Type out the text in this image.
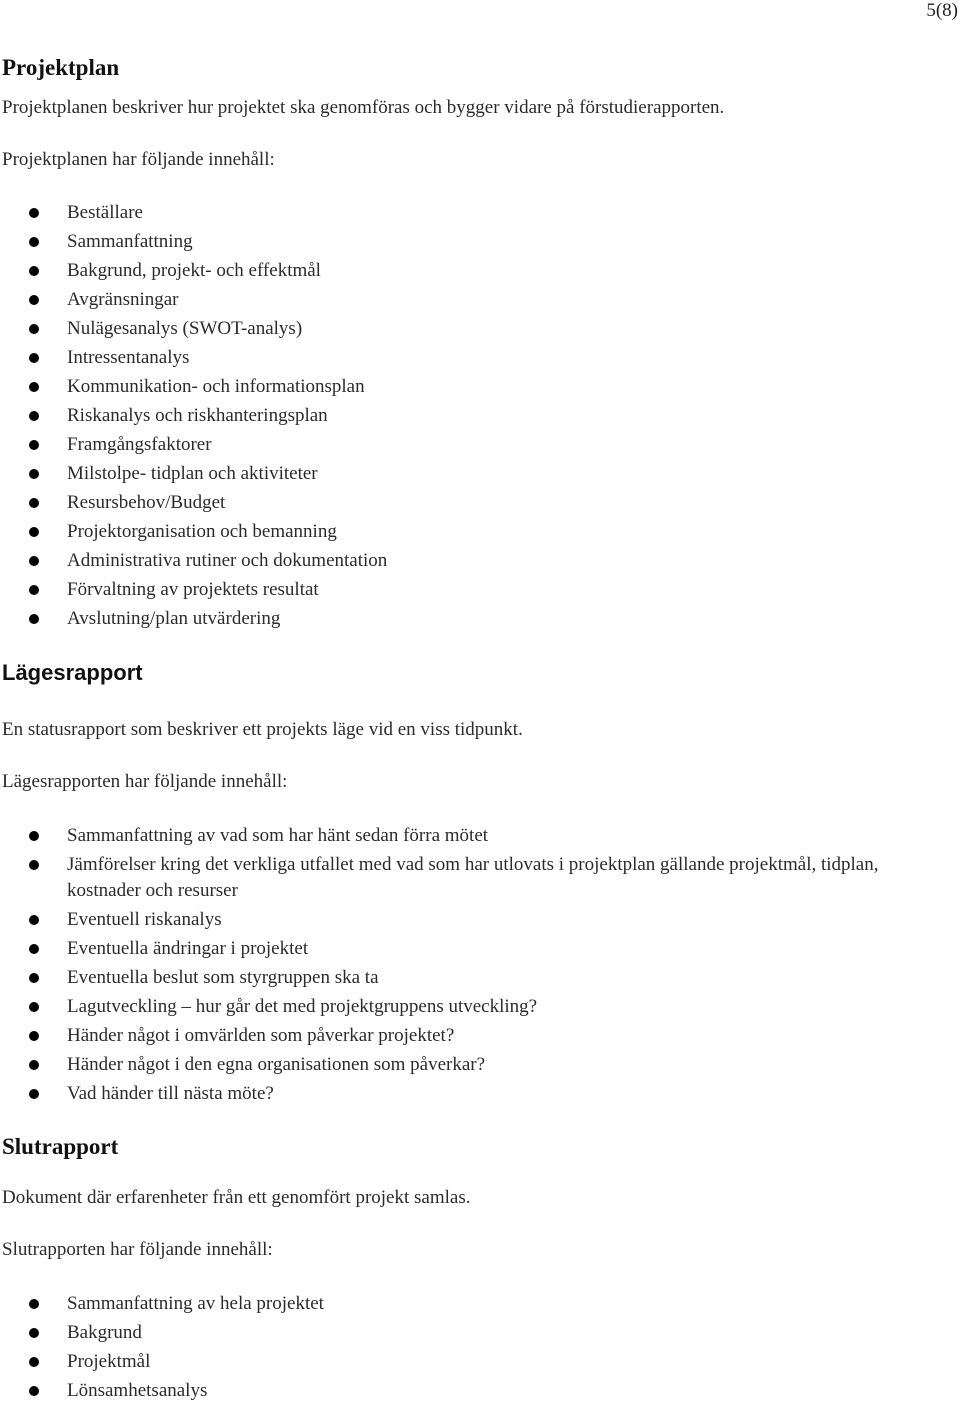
5(8)
Projektplan

Projektplanen beskriver hur projektet ska genomföras och bygger vidare på förstudierapporten.

Projektplanen har följande innehåll:

Beställare
Sammanfattning
Bakgrund, projekt- och effektmål
Avgränsningar
Nulägesanalys (SWOT-analys)
Intressentanalys
Kommunikation- och informationsplan
Riskanalys och riskhanteringsplan
Framgångsfaktorer
Milstolpe- tidplan och aktiviteter
Resursbehov/Budget
Projektorganisation och bemanning
Administrativa rutiner och dokumentation
Förvaltning av projektets resultat
Avslutning/plan utvärdering
Lägesrapport

En statusrapport som beskriver ett projekts läge vid en viss tidpunkt.

Lägesrapporten har följande innehåll:

Sammanfattning av vad som har hänt sedan förra mötet
Jämförelser kring det verkliga utfallet med vad som har utlovats i projektplan gällande projektmål, tidplan, kostnader och resurser
Eventuell riskanalys
Eventuella ändringar i projektet
Eventuella beslut som styrgruppen ska ta
Lagutveckling – hur går det med projektgruppens utveckling?
Händer något i omvärlden som påverkar projektet?
Händer något i den egna organisationen som påverkar?
Vad händer till nästa möte?
Slutrapport

Dokument där erfarenheter från ett genomfört projekt samlas.

Slutrapporten har följande innehåll:

Sammanfattning av hela projektet
Bakgrund
Projektmål
Lönsamhetsanalys
